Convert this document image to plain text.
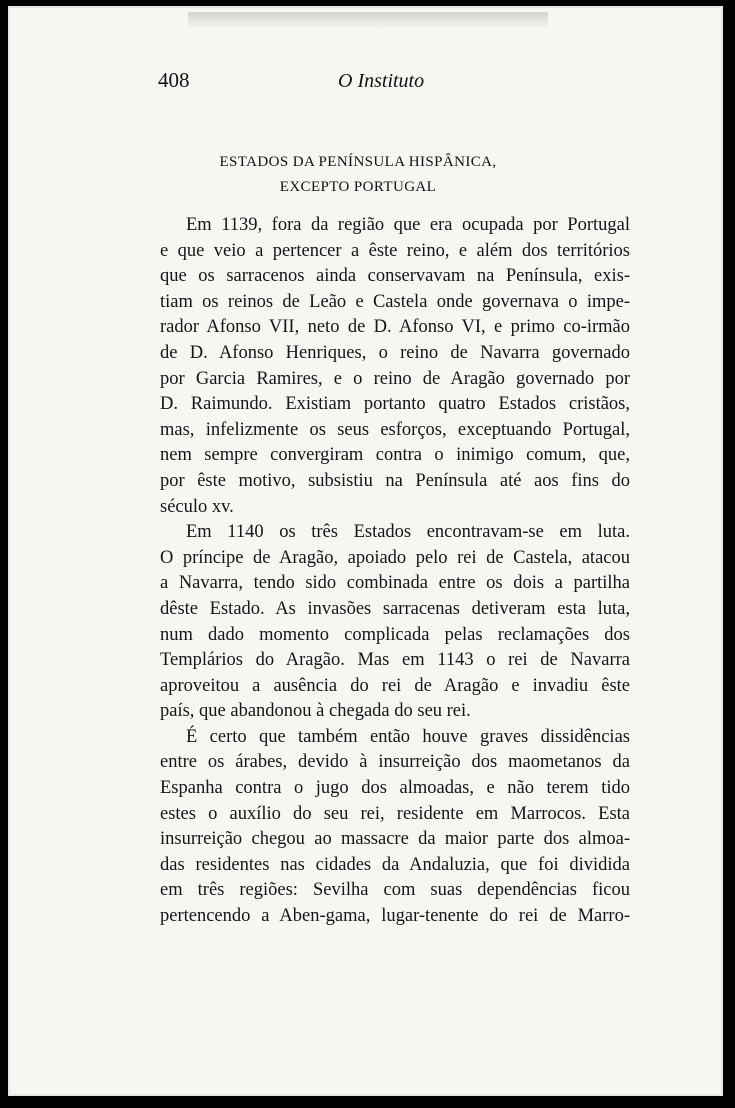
408	O Instituto
ESTADOS DA PENÍNSULA HISPÂNICA,
EXCEPTO PORTUGAL
Em 1139, fora da região que era ocupada por Portugal
e que veio a pertencer a êste reino, e além dos territórios
que os sarracenos ainda conservavam na Península, exis-
tiam os reinos de Leão e Castela onde governava o impe-
rador Afonso VII, neto de D. Afonso VI, e primo co-irmão
de D. Afonso Henriques, o reino de Navarra governado
por Garcia Ramires, e o reino de Aragão governado por
D. Raimundo. Existiam portanto quatro Estados cristãos,
mas, infelizmente os seus esforços, exceptuando Portugal,
nem sempre convergiram contra o inimigo comum, que,
por êste motivo, subsistiu na Península até aos fins do
século xv.
Em 1140 os três Estados encontravam-se em luta.
O príncipe de Aragão, apoiado pelo rei de Castela, atacou
a Navarra, tendo sido combinada entre os dois a partilha
dêste Estado. As invasões sarracenas detiveram esta luta,
num dado momento complicada pelas reclamações dos
Templários do Aragão. Mas em 1143 o rei de Navarra
aproveitou a ausência do rei de Aragão e invadiu êste
país, que abandonou à chegada do seu rei.
É certo que também então houve graves dissidências
entre os árabes, devido à insurreição dos maometanos da
Espanha contra o jugo dos almoadas, e não terem tido
estes o auxílio do seu rei, residente em Marrocos. Esta
insurreição chegou ao massacre da maior parte dos almoa-
das residentes nas cidades da Andaluzia, que foi dividida
em três regiões: Sevilha com suas dependências ficou
pertencendo a Aben-gama, lugar-tenente do rei de Marro-
